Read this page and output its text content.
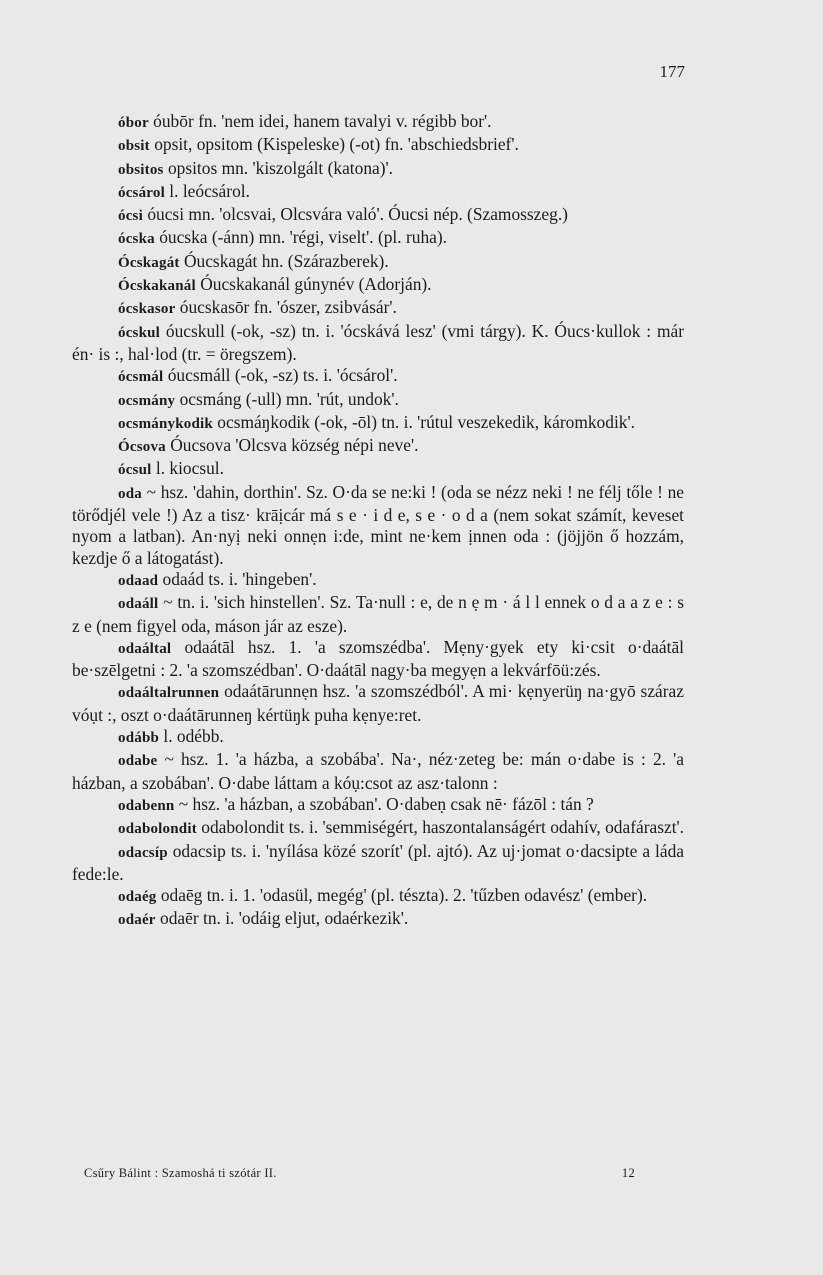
177

óbor óubōr fn. 'nem idei, hanem tavalyi v. régibb bor'.

obsit opsit, opsitom (Kispeleske) (-ot) fn. 'abschiedsbrief'.

obsitos opsitos mn. 'kiszolgált (katona)'.

ócsárol l. leócsárol.

ócsi óucsi mn. 'olcsvai, Olcsvára való'. Óucsi nép. (Szamosszeg.)

ócska óucska (-ánn) mn. 'régi, viselt'. (pl. ruha).

Ócskagát Óucskagát hn. (Szárazberek).

Ócskakanál Óucskakanál gúnynév (Adorján).

ócskasor óucskasōr fn. 'ószer, zsibvásár'.

ócskul óucskull (-ok, -sz) tn. i. 'ócskává lesz' (vmi tárgy). K. Óucs·kullok : már én· is :, hal·lod (tr. = öregszem).

ócsmál óucsmáll (-ok, -sz) ts. i. 'ócsárol'.

ocsmány ocsmáng (-ull) mn. 'rút, undok'.

ocsmánykodik ocsmáŋkodik (-ok, -ōl) tn. i. 'rútul veszekedik, káromkodik'.

Ócsova Óucsova 'Olcsva község népi neve'.

ócsul l. kiocsul.

oda ~ hsz. 'dahin, dorthin'. Sz. O·da se ne:ki ! (oda se nézz neki ! ne félj tőle ! ne törődjél vele !) Az a tisz· krāịcár má s e · i d e, s e · o d a (nem sokat számít, keveset nyom a latban). An·nyị neki onnẹn i:de, mint ne·kem ịnnen oda : (jöjjön ő hozzám, kezdje ő a látogatást).

odaad odaád ts. i. 'hingeben'.

odaáll ~ tn. i. 'sich hinstellen'. Sz. Ta·null : e, de n ẹ m · á l l ennek o d a a z e : s z e (nem figyel oda, máson jár az esze).

odaáltal odaátāl hsz. 1. 'a szomszédba'. Mẹny·gyek ety ki·csit o·daátāl be·szēlgetni : 2. 'a szomszédban'. O·daátāl nagy·ba megyẹn a lekvárfōü:zés.

odaáltalrunnen odaátārunnẹn hsz. 'a szomszédból'. A mi· kẹnyerüŋ na·gyō száraz vóụt :, oszt o·daátārunneŋ kértüŋk puha kẹnye:ret.

odább l. odébb.

odabe ~ hsz. 1. 'a házba, a szobába'. Na·, néz·zeteg be: mán o·dabe is : 2. 'a házban, a szobában'. O·dabe láttam a kóụ:csot az asz·talonn :

odabenn ~ hsz. 'a házban, a szobában'. O·dabeṇ csak nē· fázōl : tán ?

odabolondit odabolondit ts. i. 'semmiségért, haszontalanságért odahív, odafáraszt'.

odacsíp odacsip ts. i. 'nyílása közé szorít' (pl. ajtó). Az uj·jomat o·dacsipte a láda fede:le.

odaég odaēg tn. i. 1. 'odasül, megég' (pl. tészta). 2. 'tűzben odavész' (ember).

odaér odaēr tn. i. 'odáig eljut, odaérkezik'.

Csűry Bálint : Szamoshá ti szótár II.	12
